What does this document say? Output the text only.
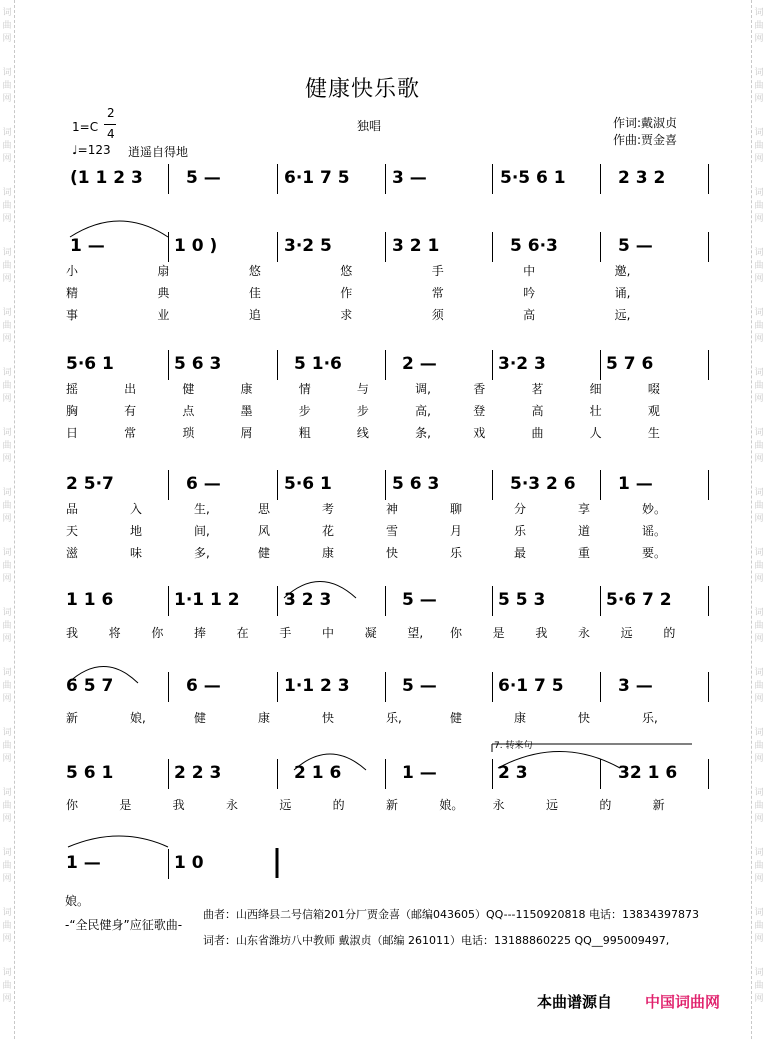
词
曲
网
词
曲
网
词
曲
网
词
曲
网
词
曲
网
词
曲
网
词
曲
网
词
曲
网
词
曲
网
词
曲
网
词
曲
网
词
曲
网
词
曲
网
词
曲
网
词
曲
网
词
曲
网
词
曲
网
词
曲
网
词
曲
网
词
曲
网
词
曲
网
词
曲
网
词
曲
网
词
曲
网
词
曲
网
词
曲
网
词
曲
网
词
曲
网
词
曲
网
词
曲
网
词
曲
网
词
曲
网
词
曲
网
词
曲
网
健康快乐歌
1=C
2
4
♩=123 逍遥自得地
独唱	作词:戴淑贞
作曲:贾金喜
(1 1 2 3	5 —	6·1 7 5 3 —	5·5 6 1	2 3 2
1 —	1 0 )	3·2 5	3 2 1	5 6·3	5 —
小	扇	悠	悠	手	中	邀,
精	典	佳	作	常	吟	诵,
事	业	追	求	须	高	远,
5·6 1	5 6 3	5 1·6	2 —	3·2 3	5 7 6
摇	出	健	康	情	与	调,	香	茗	细	啜
胸	有	点	墨	步	步	高,	登	高	壮	观
日	常	琐	屑	粗	线	条,	戏	曲	人	生
2 5·7	6 —	5·6 1	5 6 3	5·3 2 6 1 —
品	入	生,	思	考	神	聊	分	享	妙。
天	地	间,	风	花	雪	月	乐	道	谣。
滋	味	多,	健	康	快	乐	最	重	要。
1 1 6	1·1 1 2	3 2 3	5 —	5 5 3	5·6 7 2
我	将	你	捧	在	手	中	凝	望, 你	是	我	永	远	的
6 5 7	6 —	1·1 2 3	5 —	6·1 7 5	3 —
新	娘,	健	康	快	乐,	健	康	快	乐,
5 6 1	2 2 3	2 1 6	1 —	2 3	32 1 6
你	是	我	永	远	的	新	娘。 永	远	的	新
1 —	1 0
7. 转来句
娘。
-“全民健身”应征歌曲-
曲者：山西绛县二号信箱201分厂贾金喜（邮编043605）QQ---1150920818 电话：13834397873
词者：山东省潍坊八中教师 戴淑贞（邮编 261011）电话：13188860225 QQ__995009497,
本曲谱源自 中国词曲网
